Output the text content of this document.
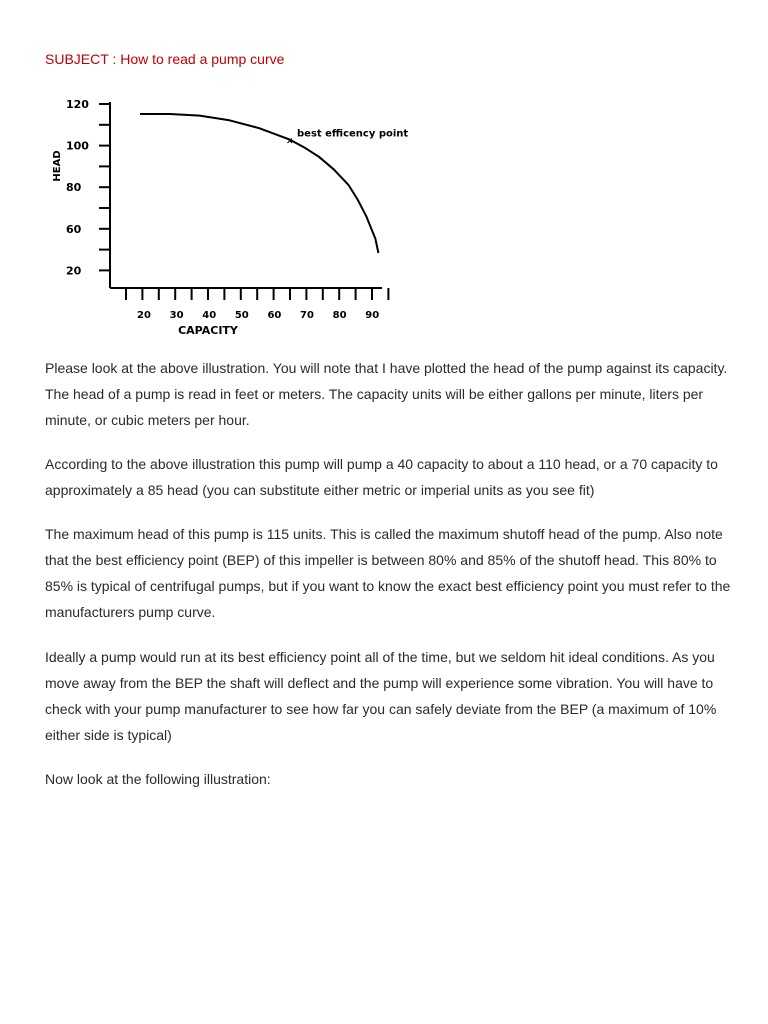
SUBJECT : How to read a pump curve
20
60
80
100
120
20 30 40 50 60 70 80 90
CAPACITY
HEAD
×
best efficency point

Please look at the above illustration. You will note that I have plotted the head of the pump against its capacity. The head of a pump is read in feet or meters. The capacity units will be either gallons per minute, liters per minute, or cubic meters per hour.

According to the above illustration this pump will pump a 40 capacity to about a 110 head, or a 70 capacity to approximately a 85 head (you can substitute either metric or imperial units as you see fit)

The maximum head of this pump is 115 units. This is called the maximum shutoff head of the pump. Also note that the best efficiency point (BEP) of this impeller is between 80% and 85% of the shutoff head. This 80% to 85% is typical of centrifugal pumps, but if you want to know the exact best efficiency point you must refer to the manufacturers pump curve.

Ideally a pump would run at its best efficiency point all of the time, but we seldom hit ideal conditions. As you move away from the BEP the shaft will deflect and the pump will experience some vibration. You will have to check with your pump manufacturer to see how far you can safely deviate from the BEP (a maximum of 10% either side is typical)

Now look at the following illustration:
